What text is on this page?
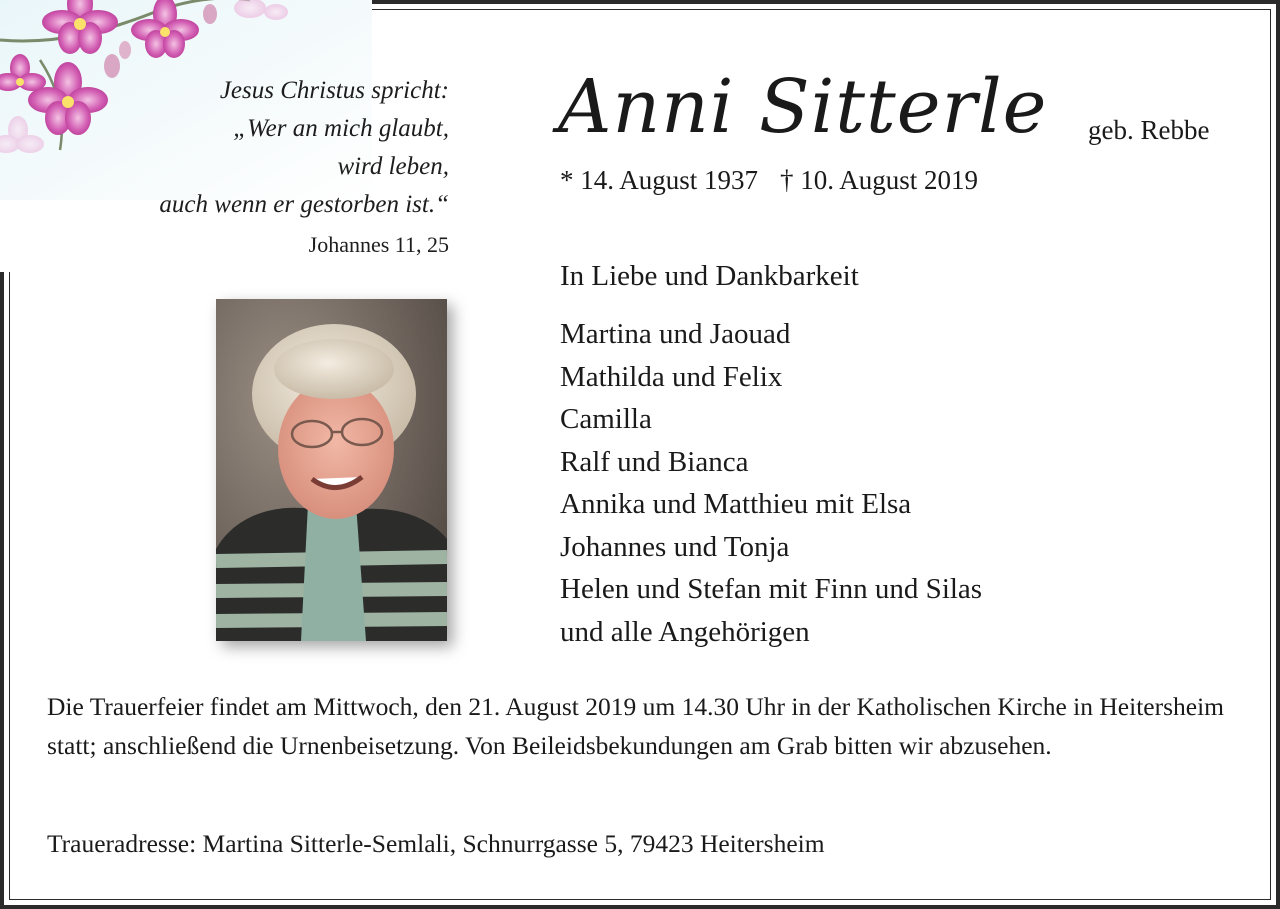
Jesus Christus spricht:
„Wer an mich glaubt,
wird leben,
auch wenn er gestorben ist.“
Johannes 11, 25
Anni Sitterle geb. Rebbe
* 14. August 1937 † 10. August 2019
In Liebe und Dankbarkeit
Martina und Jaouad
Mathilda und Felix
Camilla
Ralf und Bianca
Annika und Matthieu mit Elsa
Johannes und Tonja
Helen und Stefan mit Finn und Silas
und alle Angehörigen
Die Trauerfeier findet am Mittwoch, den 21. August 2019 um 14.30 Uhr in der Katholischen Kirche in Heitersheim statt; anschließend die Urnenbeisetzung. Von Beileidsbekundungen am Grab bitten wir abzusehen.
Traueradresse: Martina Sitterle-Semlali, Schnurrgasse 5, 79423 Heitersheim
